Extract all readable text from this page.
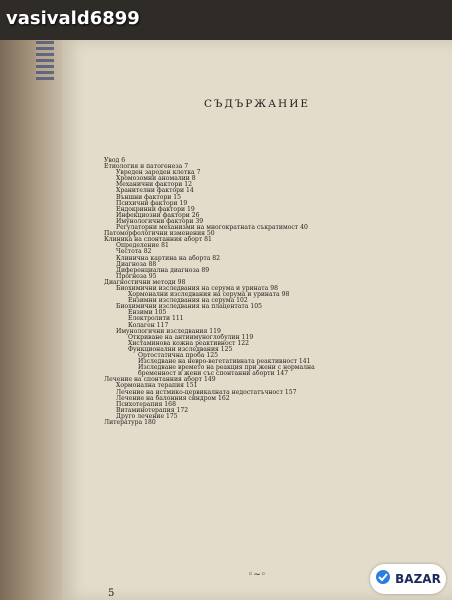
vasivald6899
СЪДЪРЖАНИЕ
Увод 6
Етиология и патогенеза 7
Увреден зароден клетка 7
Хромозомни аномалии 8
Механични фактори 12
Хранителни фактори 14
Външни фактори 15
Психични фактори 19
Ендокринни фактори 19
Инфекциозни фактори 26
Имунологични фактори 39
Регулаторни механизми на многократната съкратимост 40
Патоморфологични изменения 50
Клиника на спонтанния аборт 81
Определение 81
Честота 82
Клинична картина на аборта 82
Диагноза 88
Диференциална диагноза 89
Прогноза 95
Диагностични методи 98
Биохимични изследвания на серума и урината 98
Хормонални изследвания на серума и урината 98
Ензимни изследвания на серума 102
Биохимични изследвания на плацентата 105
Ензими 105
Електролити 111
Колаген 117
Имунологични изследвания 119
Откриване на антиимуноглобулин 119
Хистаминова кожна реактивност 122
Функционални изследвания 125
Ортостатична проба 125
Изследване на невро-вегетативната реактивност 141
Изследване времето на реакция при жени с нормална
бременност и жени със спонтанни аборти 147
Лечение на спонтанния аборт 149
Хормонална терапия 151
Лечение на истмико-цервикалната недостатъчност 157
Лечение на балонния синдром 162
Психотерапия 168
Витаминотерапия 172
Друго лечение 175
Литература 180
◦∼◦
5
BAZAR
